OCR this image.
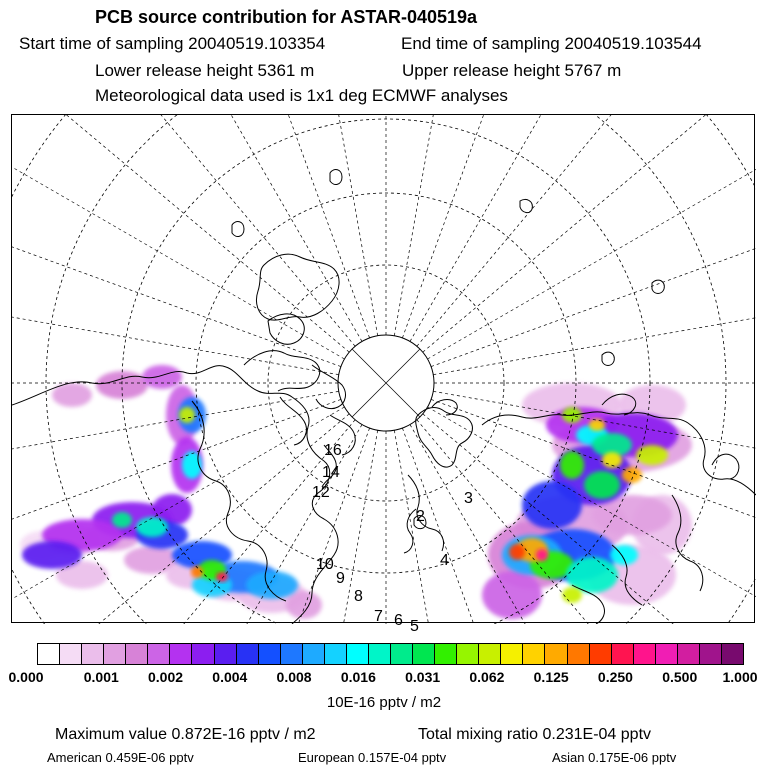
PCB source contribution for ASTAR-040519a
Start time of sampling 20040519.103354	End time of sampling 20040519.103544
Lower release height 5361 m	Upper release height 5767 m
Meteorological data used is 1x1 deg ECMWF analyses
2
3
4
5
6
7
8
9
10
12
14
16
0.000	0.001 0.002 0.004 0.008 0.016 0.031 0.062 0.125 0.250 0.500 1.000
10E-16 pptv / m2
Maximum value 0.872E-16 pptv / m2	Total mixing ratio 0.231E-04 pptv
American 0.459E-06 pptv	European 0.157E-04 pptv	Asian 0.175E-06 pptv
